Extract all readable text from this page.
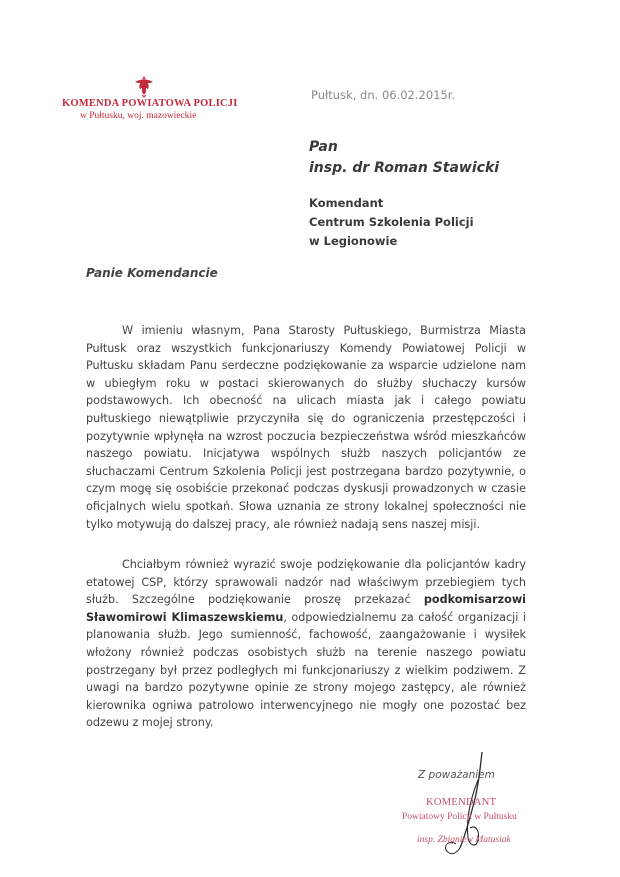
KOMENDA POWIATOWA POLICJI
w Pułtusku, woj. mazowieckie
Pułtusk, dn. 06.02.2015r.
Pan
insp. dr Roman Stawicki
Komendant
Centrum Szkolenia Policji
w Legionowie
Panie Komendancie

W imieniu własnym, Pana Starosty Pułtuskiego, Burmistrza Miasta Pułtusk oraz wszystkich funkcjonariuszy Komendy Powiatowej Policji w Pułtusku składam Panu serdeczne podziękowanie za wsparcie udzielone nam w ubiegłym roku w postaci skierowanych do służby słuchaczy kursów podstawowych. Ich obecność na ulicach miasta jak i całego powiatu pułtuskiego niewątpliwie przyczyniła się do ograniczenia przestępczości i pozytywnie wpłynęła na wzrost poczucia bezpieczeństwa wśród mieszkańców naszego powiatu. Inicjatywa wspólnych służb naszych policjantów ze słuchaczami Centrum Szkolenia Policji jest postrzegana bardzo pozytywnie, o czym mogę się osobiście przekonać podczas dyskusji prowadzonych w czasie oficjalnych wielu spotkań. Słowa uznania ze strony lokalnej społeczności nie tylko motywują do dalszej pracy, ale również nadają sens naszej misji.

Chciałbym również wyrazić swoje podziękowanie dla policjantów kadry etatowej CSP, którzy sprawowali nadzór nad właściwym przebiegiem tych służb. Szczególne podziękowanie proszę przekazać podkomisarzowi Sławomirowi Klimaszewskiemu, odpowiedzialnemu za całość organizacji i planowania służb. Jego sumienność, fachowość, zaangażowanie i wysiłek włożony również podczas osobistych służb na terenie naszego powiatu postrzegany był przez podległych mi funkcjonariuszy z wielkim podziwem. Z uwagi na bardzo pozytywne opinie ze strony mojego zastępcy, ale również kierownika ogniwa patrolowo interwencyjnego nie mogły one pozostać bez odzewu z mojej strony.

Z poważaniem
KOMENDANT
Powiatowy Policji w Pułtusku
insp. Zbigniew Matusiak
